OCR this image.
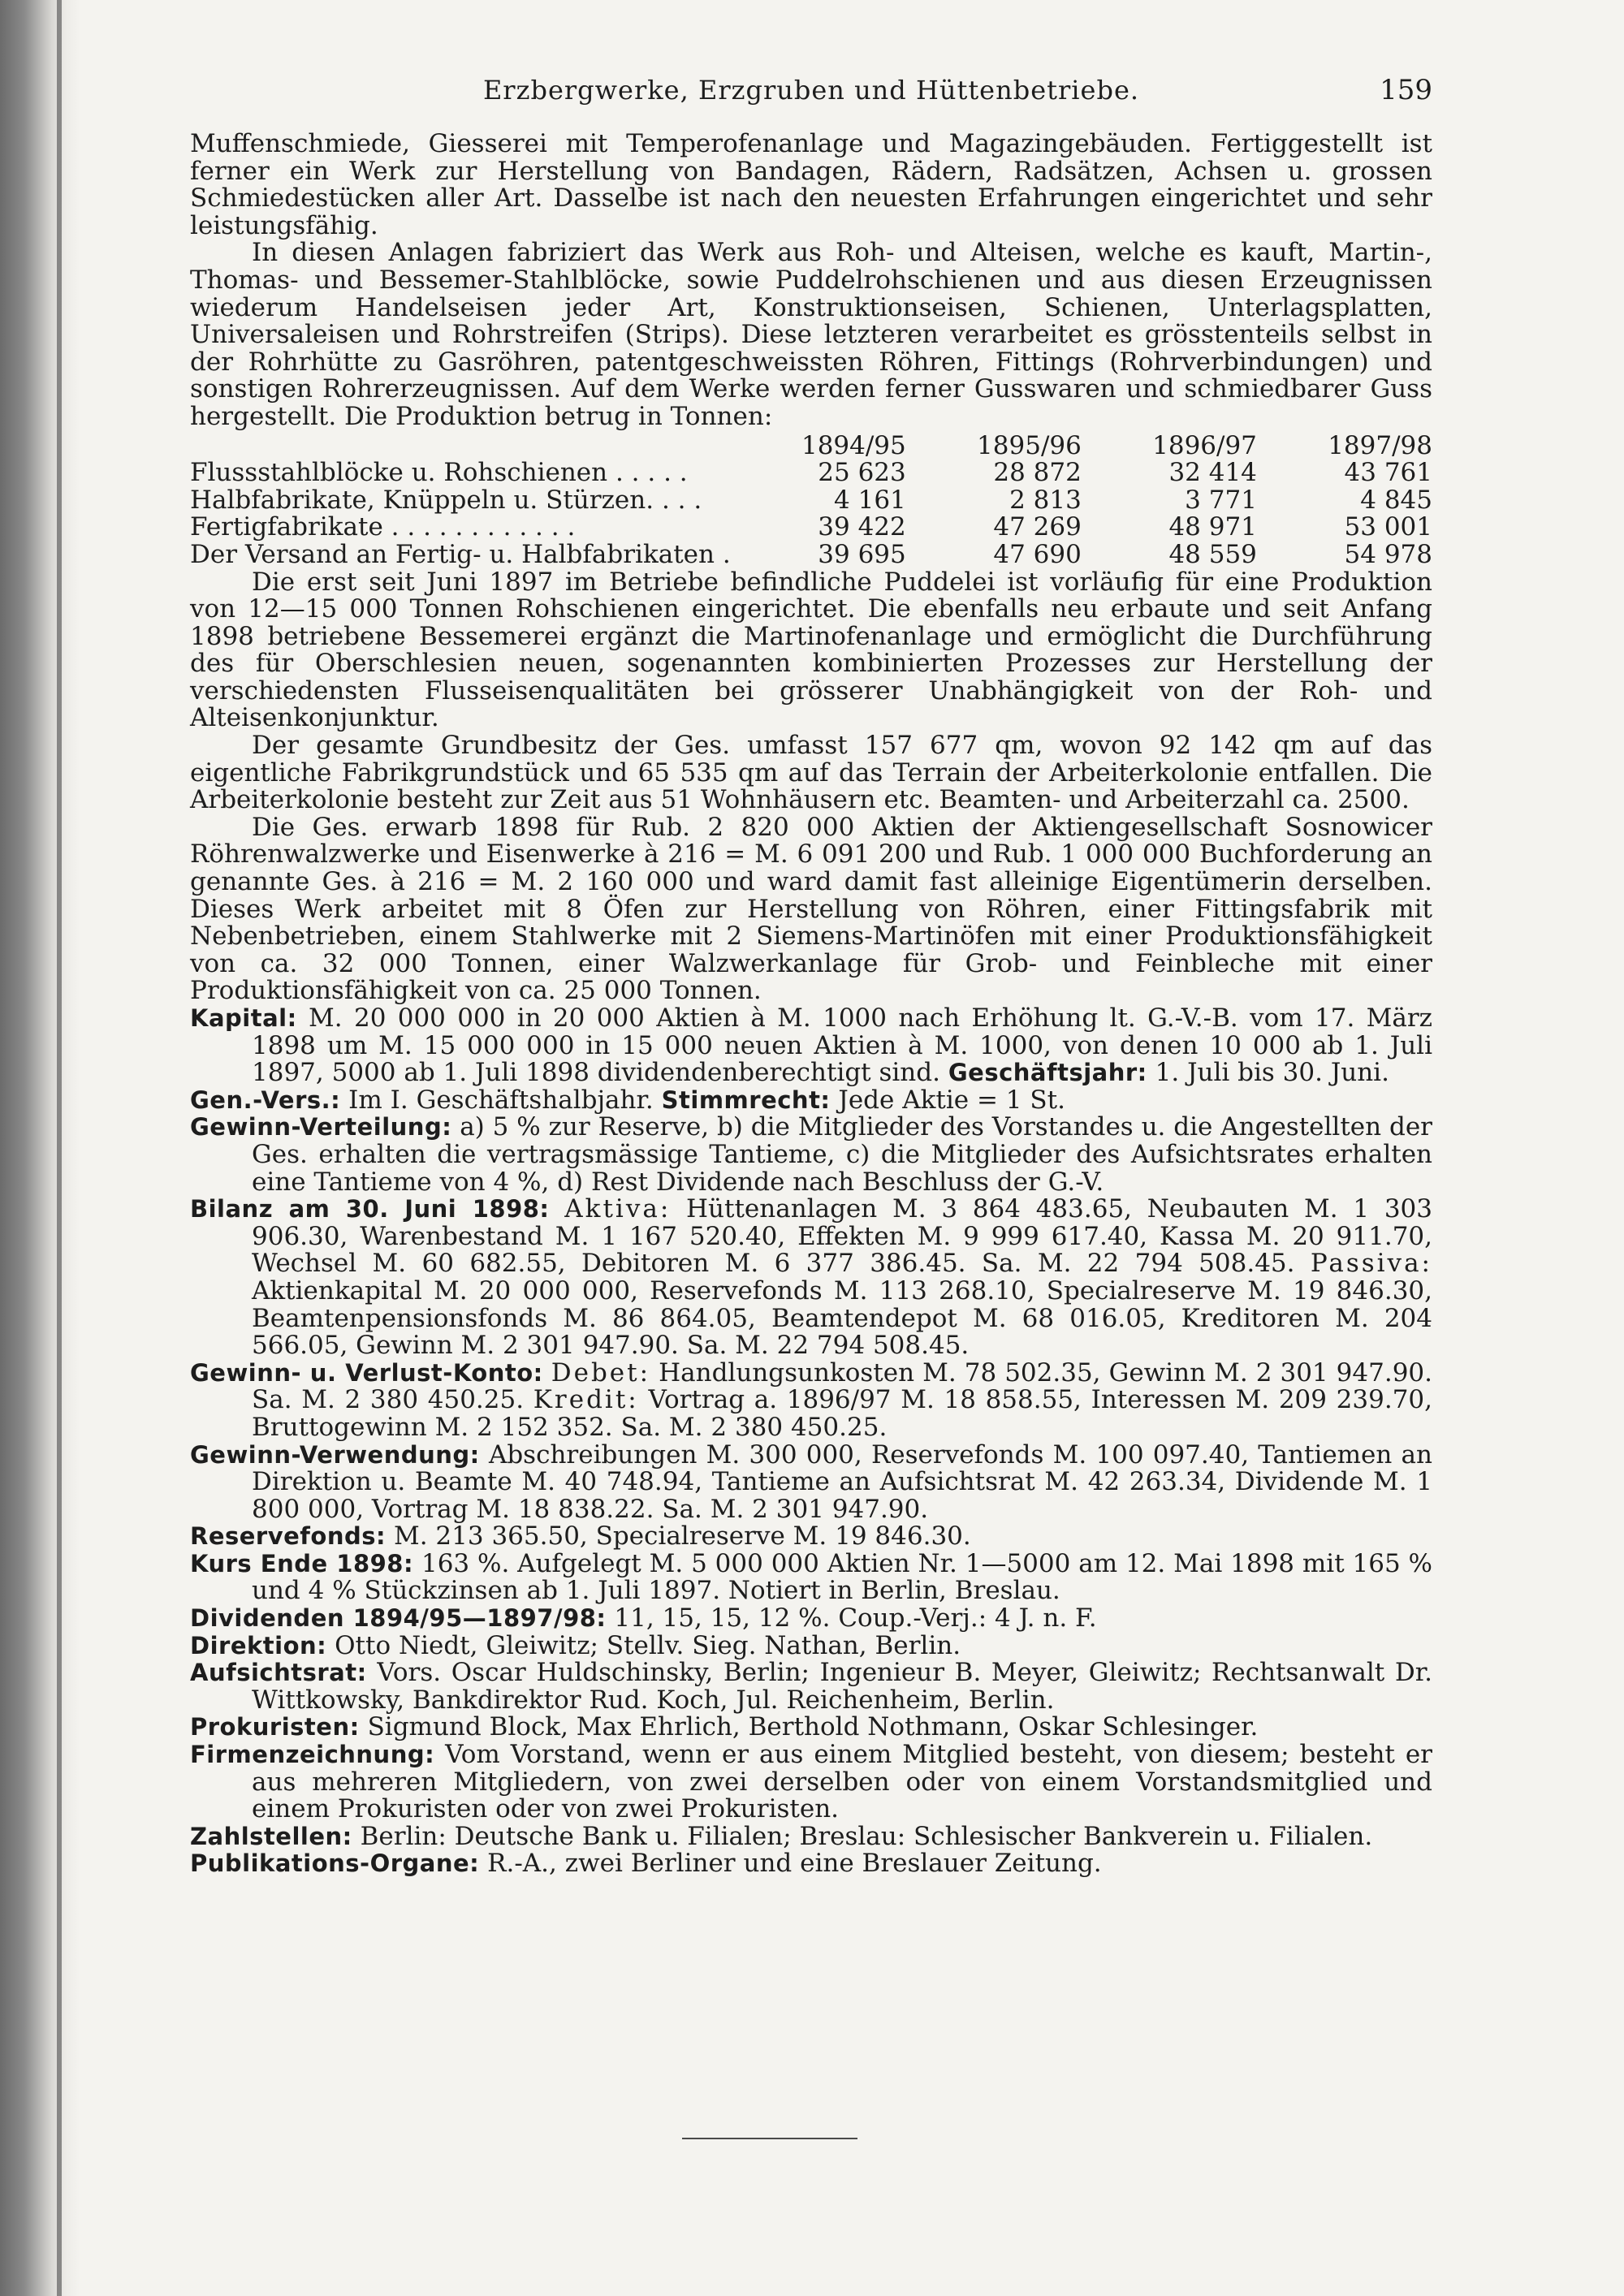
Erzbergwerke, Erzgruben und Hüttenbetriebe.	159

Muffenschmiede, Giesserei mit Temperofenanlage und Magazingebäuden. Fertiggestellt ist ferner ein Werk zur Herstellung von Bandagen, Rädern, Radsätzen, Achsen u. grossen Schmiedestücken aller Art. Dasselbe ist nach den neuesten Erfahrungen eingerichtet und sehr leistungsfähig.

In diesen Anlagen fabriziert das Werk aus Roh- und Alteisen, welche es kauft, Martin-, Thomas- und Bessemer-Stahlblöcke, sowie Puddelrohschienen und aus diesen Erzeugnissen wiederum Handelseisen jeder Art, Konstruktionseisen, Schienen, Unterlagsplatten, Universaleisen und Rohrstreifen (Strips). Diese letzteren verarbeitet es grösstenteils selbst in der Rohrhütte zu Gasröhren, patentgeschweissten Röhren, Fittings (Rohrverbindungen) und sonstigen Rohrerzeugnissen. Auf dem Werke werden ferner Gusswaren und schmiedbarer Guss hergestellt. Die Produktion betrug in Tonnen:

	1894/95	1895/96	1896/97	1897/98
Flussstahlblöcke u. Rohschienen . . . . .	25 623	28 872	32 414	43 761
Halbfabrikate, Knüppeln u. Stürzen. . . .	4 161	2 813	3 771	4 845
Fertigfabrikate . . . . . . . . . . . .	39 422	47 269	48 971	53 001
Der Versand an Fertig- u. Halbfabrikaten .	39 695	47 690	48 559	54 978

Die erst seit Juni 1897 im Betriebe befindliche Puddelei ist vorläufig für eine Produktion von 12—15 000 Tonnen Rohschienen eingerichtet. Die ebenfalls neu erbaute und seit Anfang 1898 betriebene Bessemerei ergänzt die Martinofenanlage und ermöglicht die Durchführung des für Oberschlesien neuen, sogenannten kombinierten Prozesses zur Herstellung der verschiedensten Flusseisenqualitäten bei grösserer Unabhängigkeit von der Roh- und Alteisenkonjunktur.

Der gesamte Grundbesitz der Ges. umfasst 157 677 qm, wovon 92 142 qm auf das eigentliche Fabrikgrundstück und 65 535 qm auf das Terrain der Arbeiterkolonie entfallen. Die Arbeiterkolonie besteht zur Zeit aus 51 Wohnhäusern etc. Beamten- und Arbeiterzahl ca. 2500.

Die Ges. erwarb 1898 für Rub. 2 820 000 Aktien der Aktiengesellschaft Sosnowicer Röhrenwalzwerke und Eisenwerke à 216 = M. 6 091 200 und Rub. 1 000 000 Buchforderung an genannte Ges. à 216 = M. 2 160 000 und ward damit fast alleinige Eigentümerin derselben. Dieses Werk arbeitet mit 8 Öfen zur Herstellung von Röhren, einer Fittingsfabrik mit Nebenbetrieben, einem Stahlwerke mit 2 Siemens-Martinöfen mit einer Produktionsfähigkeit von ca. 32 000 Tonnen, einer Walzwerkanlage für Grob- und Feinbleche mit einer Produktionsfähigkeit von ca. 25 000 Tonnen.

Kapital: M. 20 000 000 in 20 000 Aktien à M. 1000 nach Erhöhung lt. G.-V.-B. vom 17. März 1898 um M. 15 000 000 in 15 000 neuen Aktien à M. 1000, von denen 10 000 ab 1. Juli 1897, 5000 ab 1. Juli 1898 dividendenberechtigt sind. Geschäftsjahr: 1. Juli bis 30. Juni.
Gen.-Vers.: Im I. Geschäftshalbjahr. Stimmrecht: Jede Aktie = 1 St.
Gewinn-Verteilung: a) 5 % zur Reserve, b) die Mitglieder des Vorstandes u. die Angestellten der Ges. erhalten die vertragsmässige Tantieme, c) die Mitglieder des Aufsichtsrates erhalten eine Tantieme von 4 %, d) Rest Dividende nach Beschluss der G.-V.
Bilanz am 30. Juni 1898: Aktiva: Hüttenanlagen M. 3 864 483.65, Neubauten M. 1 303 906.30, Warenbestand M. 1 167 520.40, Effekten M. 9 999 617.40, Kassa M. 20 911.70, Wechsel M. 60 682.55, Debitoren M. 6 377 386.45. Sa. M. 22 794 508.45. Passiva: Aktienkapital M. 20 000 000, Reservefonds M. 113 268.10, Specialreserve M. 19 846.30, Beamtenpensionsfonds M. 86 864.05, Beamtendepot M. 68 016.05, Kreditoren M. 204 566.05, Gewinn M. 2 301 947.90. Sa. M. 22 794 508.45.
Gewinn- u. Verlust-Konto: Debet: Handlungsunkosten M. 78 502.35, Gewinn M. 2 301 947.90. Sa. M. 2 380 450.25. Kredit: Vortrag a. 1896/97 M. 18 858.55, Interessen M. 209 239.70, Bruttogewinn M. 2 152 352. Sa. M. 2 380 450.25.
Gewinn-Verwendung: Abschreibungen M. 300 000, Reservefonds M. 100 097.40, Tantiemen an Direktion u. Beamte M. 40 748.94, Tantieme an Aufsichtsrat M. 42 263.34, Dividende M. 1 800 000, Vortrag M. 18 838.22. Sa. M. 2 301 947.90.
Reservefonds: M. 213 365.50, Specialreserve M. 19 846.30.
Kurs Ende 1898: 163 %. Aufgelegt M. 5 000 000 Aktien Nr. 1—5000 am 12. Mai 1898 mit 165 % und 4 % Stückzinsen ab 1. Juli 1897. Notiert in Berlin, Breslau.
Dividenden 1894/95—1897/98: 11, 15, 15, 12 %. Coup.-Verj.: 4 J. n. F.
Direktion: Otto Niedt, Gleiwitz; Stellv. Sieg. Nathan, Berlin.
Aufsichtsrat: Vors. Oscar Huldschinsky, Berlin; Ingenieur B. Meyer, Gleiwitz; Rechtsanwalt Dr. Wittkowsky, Bankdirektor Rud. Koch, Jul. Reichenheim, Berlin.
Prokuristen: Sigmund Block, Max Ehrlich, Berthold Nothmann, Oskar Schlesinger.
Firmenzeichnung: Vom Vorstand, wenn er aus einem Mitglied besteht, von diesem; besteht er aus mehreren Mitgliedern, von zwei derselben oder von einem Vorstandsmitglied und einem Prokuristen oder von zwei Prokuristen.
Zahlstellen: Berlin: Deutsche Bank u. Filialen; Breslau: Schlesischer Bankverein u. Filialen.
Publikations-Organe: R.-A., zwei Berliner und eine Breslauer Zeitung.
